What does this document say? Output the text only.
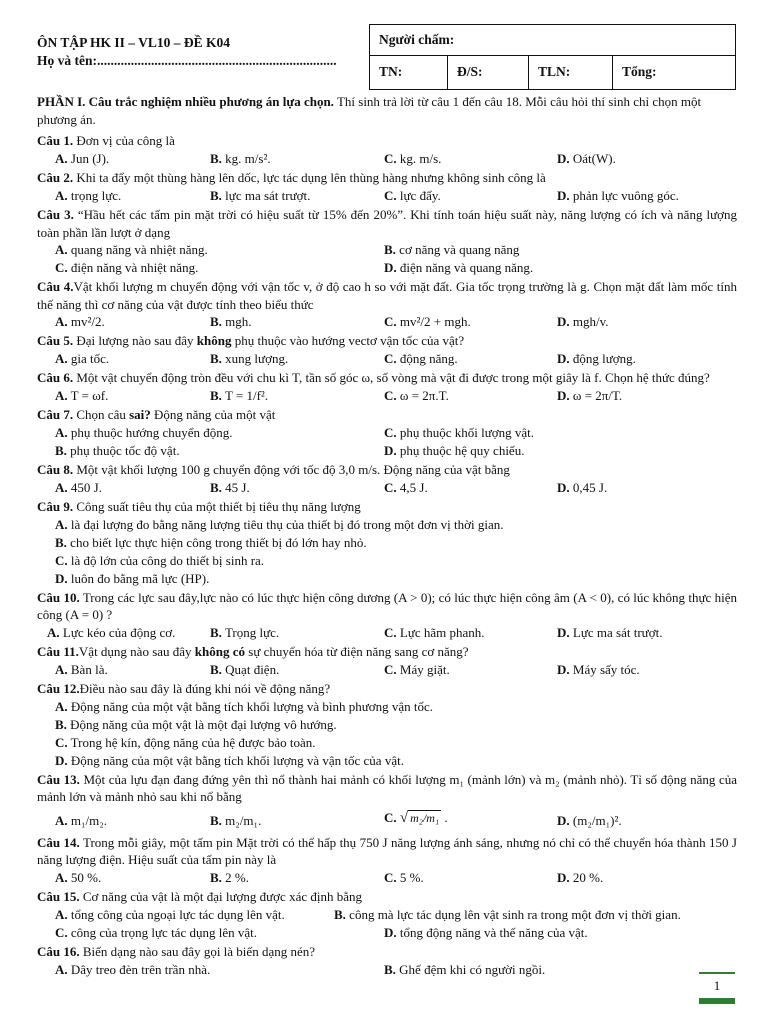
ÔN TẬP HK II – VL10 – ĐỀ K04
Họ và tên:.......................................................................
Người chấm:
TN:	Đ/S:	TLN:	Tổng:
PHẦN I. Câu trắc nghiệm nhiều phương án lựa chọn. Thí sinh trả lời từ câu 1 đến câu 18. Mỗi câu hỏi thí sinh chỉ chọn một phương án.
Câu 1. Đơn vị của công là
A. Jun (J).	B. kg. m/s².	C. kg. m/s.	D. Oát(W).
Câu 2. Khi ta đẩy một thùng hàng lên dốc, lực tác dụng lên thùng hàng nhưng không sinh công là
A. trọng lực.	B. lực ma sát trượt.	C. lực đẩy.	D. phản lực vuông góc.
Câu 3. “Hầu hết các tấm pin mặt trời có hiệu suất từ 15% đến 20%”. Khi tính toán hiệu suất này, năng lượng có ích và năng lượng toàn phần lần lượt ở dạng
A. quang năng và nhiệt năng.	B. cơ năng và quang năng
C. điện năng và nhiệt năng.	D. điện năng và quang năng.
Câu 4.Vật khối lượng m chuyển động với vận tốc v, ở độ cao h so với mặt đất. Gia tốc trọng trường là g. Chọn mặt đất làm mốc tính thế năng thì cơ năng của vật được tính theo biểu thức
A. mv²/2.	B. mgh.	C. mv²/2 + mgh.	D. mgh/v.
Câu 5. Đại lượng nào sau đây không phụ thuộc vào hướng vectơ vận tốc của vật?
A. gia tốc.	B. xung lượng.	C. động năng.	D. động lượng.
Câu 6. Một vật chuyển động tròn đều với chu kì T, tần số góc ω, số vòng mà vật đi được trong một giây là f. Chọn hệ thức đúng?
A. T = ωf.	B. T = 1/f².	C. ω = 2π.T.	D. ω = 2π/T.
Câu 7. Chọn câu sai? Động năng của một vật
A. phụ thuộc hướng chuyển động.	C. phụ thuộc khối lượng vật.
B. phụ thuộc tốc độ vật.	D. phụ thuộc hệ quy chiếu.
Câu 8. Một vật khối lượng 100 g chuyển động với tốc độ 3,0 m/s. Động năng của vật bằng
A. 450 J.	B. 45 J.	C. 4,5 J.	D. 0,45 J.
Câu 9. Công suất tiêu thụ của một thiết bị tiêu thụ năng lượng
A. là đại lượng đo bằng năng lượng tiêu thụ của thiết bị đó trong một đơn vị thời gian.
B. cho biết lực thực hiện công trong thiết bị đó lớn hay nhỏ.
C. là độ lớn của công do thiết bị sinh ra.
D. luôn đo bằng mã lực (HP).
Câu 10. Trong các lực sau đây,lực nào có lúc thực hiện công dương (A > 0); có lúc thực hiện công âm (A < 0), có lúc không thực hiện công (A = 0) ?
A. Lực kéo của động cơ.	B. Trọng lực.	C. Lực hãm phanh.	D. Lực ma sát trượt.
Câu 11.Vật dụng nào sau đây không có sự chuyển hóa từ điện năng sang cơ năng?
A. Bàn là.	B. Quạt điện.	C. Máy giặt.	D. Máy sấy tóc.
Câu 12.Điều nào sau đây là đúng khi nói về động năng?
A. Động năng của một vật bằng tích khối lượng và bình phương vận tốc.
B. Động năng của một vật là một đại lượng vô hướng.
C. Trong hệ kín, động năng của hệ được bảo toàn.
D. Động năng của một vật bằng tích khối lượng và vận tốc của vật.
Câu 13. Một của lựu đạn đang đứng yên thì nổ thành hai mảnh có khối lượng m₁ (mảnh lớn) và m₂ (mảnh nhỏ). Tỉ số động năng của mảnh lớn và mảnh nhỏ sau khi nổ bằng
A. m₁/m₂.	B. m₂/m₁.	C. √ m₂/m₁ .	D. (m₂/m₁)².
Câu 14. Trong mỗi giây, một tấm pin Mặt trời có thể hấp thụ 750 J năng lượng ánh sáng, nhưng nó chỉ có thể chuyển hóa thành 150 J năng lượng điện. Hiệu suất của tấm pin này là
A. 50 %.	B. 2 %.	C. 5 %.	D. 20 %.
Câu 15. Cơ năng của vật là một đại lượng được xác định bằng
A. tổng công của ngoại lực tác dụng lên vật.	B. công mà lực tác dụng lên vật sinh ra trong một đơn vị thời gian.
C. công của trọng lực tác dụng lên vật.	D. tổng động năng và thế năng của vật.
Câu 16. Biến dạng nào sau đây gọi là biến dạng nén?
A. Dây treo đèn trên trần nhà.	B. Ghế đệm khi có người ngồi.
1
